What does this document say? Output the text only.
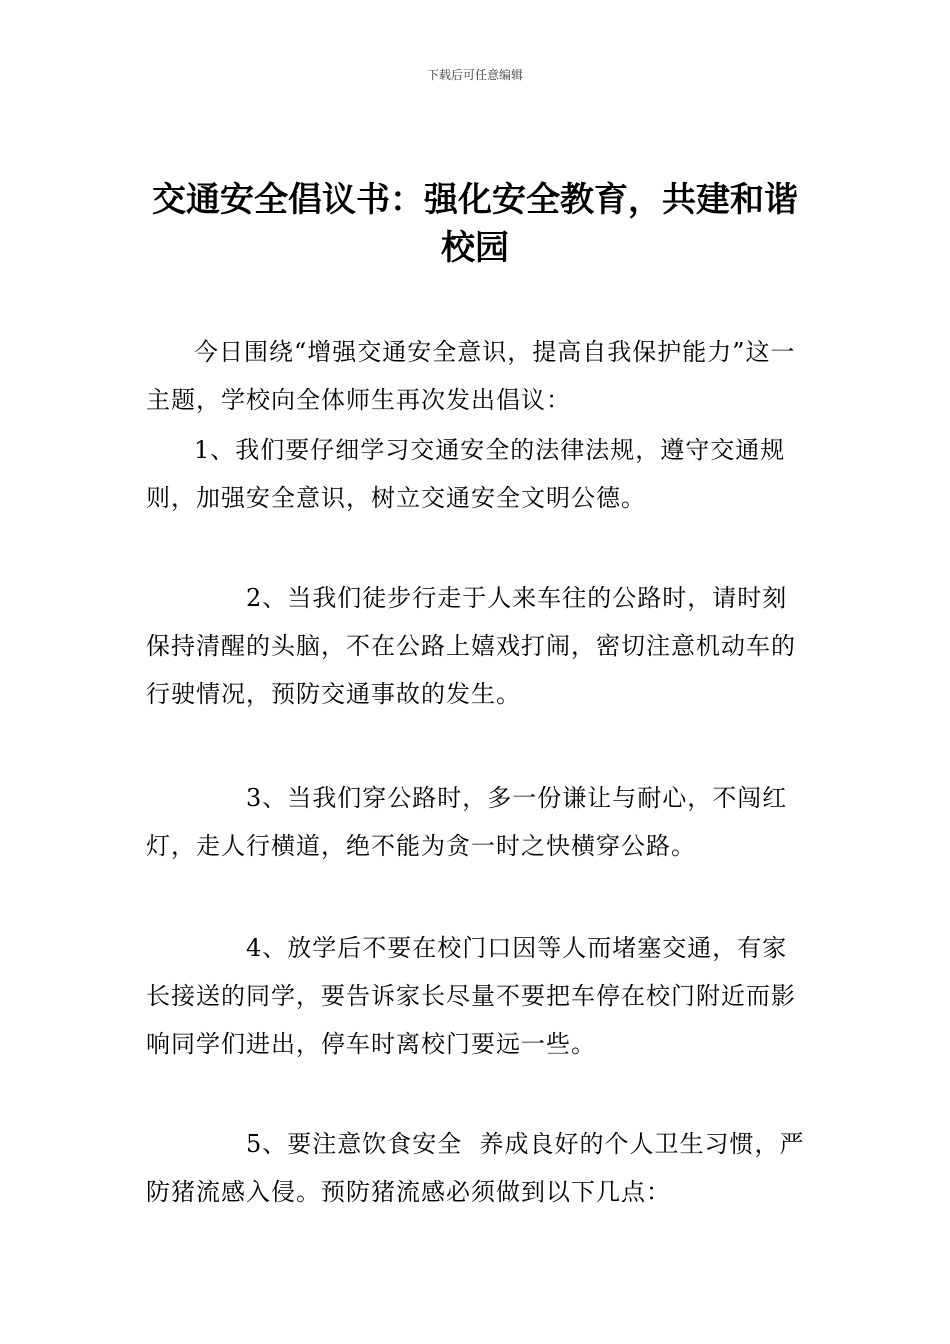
下载后可任意编辑
交通安全倡议书：强化安全教育，共建和谐校园

今日围绕“增强交通安全意识，提高自我保护能力”这一主题，学校向全体师生再次发出倡议：

1、我们要仔细学习交通安全的法律法规，遵守交通规则，加强安全意识，树立交通安全文明公德。

2、当我们徒步行走于人来车往的公路时，请时刻保持清醒的头脑，不在公路上嬉戏打闹，密切注意机动车的行驶情况，预防交通事故的发生。

3、当我们穿公路时，多一份谦让与耐心，不闯红灯，走人行横道，绝不能为贪一时之快横穿公路。

4、放学后不要在校门口因等人而堵塞交通，有家长接送的同学，要告诉家长尽量不要把车停在校门附近而影响同学们进出，停车时离校门要远一些。

5、要注意饮食安全  养成良好的个人卫生习惯，严防猪流感入侵。预防猪流感必须做到以下几点：
